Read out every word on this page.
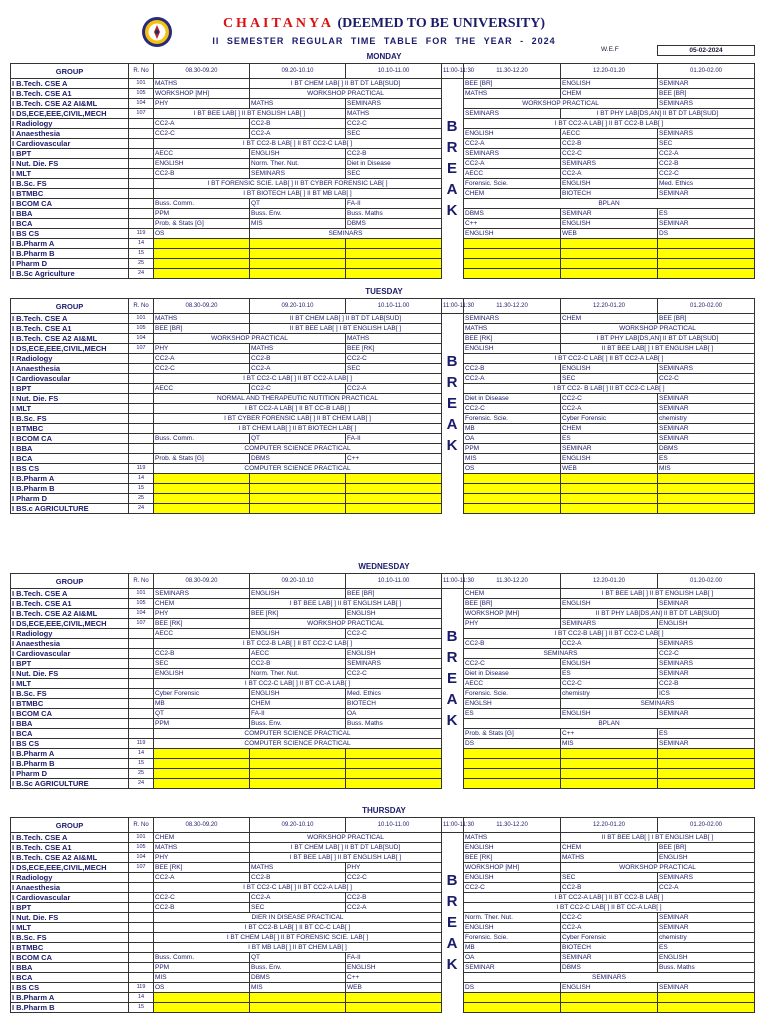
CHAITANYA (DEEMED TO BE UNIVERSITY)
II SEMESTER REGULAR TIME TABLE FOR THE YEAR - 2024
W.E.F	05-02-2024
MONDAY
GROUP	R. No	08.30-09.20	09.20-10.10	10.10-11.00	11:00-11:30	11.30-12.20	12.20-01.20	01.20-02.00
I B.Tech. CSE A	101	MATHS	I BT CHEM LAB[ ] II BT DT LAB[SUD]			BEE [BR]	ENGLISH	SEMINAR
I B.Tech. CSE A1	105	WORKSHOP [MH]	WORKSHOP PRACTICAL			MATHS	CHEM	BEE [BR]
I B.Tech. CSE A2 AI&ML	104	PHY	MATHS	SEMINARS		WORKSHOP PRACTICAL		SEMINARS
I DS,ECE,EEE,CIVIL,MECH	107	I BT BEE LAB[ ] II BT ENGLISH LAB[ ]		MATHS		SEMINARS	I BT PHY LAB[DS,AN] II BT DT LAB[SUD]	
I Radiology		CC2-A	CC2-B	CC2-C		I BT CC2-A LAB[ ] II BT CC2-B LAB[ ]		
I Anaesthesia		CC2-C	CC2-A	SEC		ENGLISH	AECC	SEMINARS
I Cardiovascular		I BT CC2-B LAB[ ] II BT CC2-C LAB[ ]				CC2-A	CC2-B	SEC
I BPT		AECC	ENGLISH	CC2-B		SEMINARS	CC2-C	CC2-A
I Nut. Die. FS		ENGLISH	Norm. Ther. Nut.	Diet in Disease		CC2-A	SEMINARS	CC2-B
I MLT		CC2-B	SEMINARS	SEC		AECC	CC2-A	CC2-C
I B.Sc. FS		I BT FORENSIC SCIE. LAB[ ] II BT CYBER FORENSIC LAB[ ]				Forensic. Scie.	ENGLISH	Med. Ethics
I BTMBC		I BT BIOTECH LAB[ ] II BT MB LAB[ ]				CHEM	BIOTECH	SEMINAR
I BCOM CA		Buss. Comm.	QT	FA-II		BPLAN		
I BBA		PPM	Buss. Env.	Buss. Maths		DBMS	SEMINAR	ES
I BCA		Prob. & Stats [G]	MIS	DBMS		C++	ENGLISH	SEMINAR
I BS CS	119	OS	SEMINARS			ENGLISH	WEB	DS
I B.Pharm A	14							
I B.Pharm B	15							
I Pharm D	25							
I B.Sc Agriculture	24							
B
R
E
A
K
TUESDAY
GROUP	R. No	08.30-09.20	09.20-10.10	10.10-11.00	11:00-11:30	11.30-12.20	12.20-01.20	01.20-02.00
I B.Tech. CSE A	101	MATHS	II BT CHEM LAB[ ] II BT DT LAB[SUD]			SEMINARS	CHEM	BEE [BR]
I B.Tech. CSE A1	105	BEE [BR]	II BT BEE LAB[ ] I BT ENGLISH LAB[ ]			MATHS	WORKSHOP PRACTICAL	
I B.Tech. CSE A2 AI&ML	104	WORKSHOP PRACTICAL		MATHS		BEE [RK]	I BT PHY LAB[DS,AN] II BT DT LAB[SUD]	
I DS,ECE,EEE,CIVIL,MECH	107	PHY	MATHS	BEE [RK]		ENGLISH	II BT BEE LAB[ ] I BT ENGLISH LAB[ ]	
I Radiology		CC2-A	CC2-B	CC2-C		I BT CC2-C LAB[ ] II BT CC2-A LAB[ ]		
I Anaesthesia		CC2-C	CC2-A	SEC		CC2-B	ENGLISH	SEMINARS
I Cardiovascular		I BT CC2-C LAB[ ] II BT CC2-A LAB[ ]				CC2-A	SEC	CC2-C
I BPT		AECC	CC2-C	CC2-A		I BT CC2- B LAB[ ] II BT CC2-C LAB[ ]		
I Nut. Die. FS		NORMAL AND THERAPEUTIC NUTITION PRACTICAL				Diet in Disease	CC2-C	SEMINAR
I MLT		I BT CC2-A LAB[ ] II BT CC-B LAB[ ]				CC2-C	CC2-A	SEMINAR
I B.Sc. FS		I BT CYBER FORENSIC LAB[ ] II BT CHEM LAB[ ]				Forensic. Scie.	Cyber Forensic	chemistry
I BTMBC		I BT CHEM LAB[ ] II BT BIOTECH LAB[ ]				MB	CHEM	SEMINAR
I BCOM CA		Buss. Comm.	QT	FA-II		OA	ES	SEMINAR
I BBA		COMPUTER SCIENCE PRACTICAL				PPM	SEMINAR	DBMS
I BCA		Prob. & Stats [G]	DBMS	C++		MIS	ENGLISH	ES
I BS CS	119	COMPUTER SCIENCE PRACTICAL				OS	WEB	MIS
I B.Pharm A	14							
I B.Pharm B	15							
I Pharm D	25							
I BS.c AGRICULTURE	24							
B
R
E
A
K
WEDNESDAY
GROUP	R. No	08.30-09.20	09.20-10.10	10.10-11.00	11:00-11:30	11.30-12.20	12.20-01.20	01.20-02.00
I B.Tech. CSE A	101	SEMINARS	ENGLISH	BEE [BR]		CHEM	I BT BEE LAB[ ] II BT ENGLISH LAB[ ]	
I B.Tech. CSE A1	105	CHEM	I BT BEE LAB[ ] II BT ENGLISH LAB[ ]			BEE [BR]	ENGLISH	SEMINAR
I B.Tech. CSE A2 AI&ML	104	PHY	BEE [RK]	ENGLISH		WORKSHOP [MH]	II BT PHY LAB[DS,AN] II BT DT LAB[SUD]	
I DS,ECE,EEE,CIVIL,MECH	107	BEE [RK]	WORKSHOP PRACTICAL			PHY	SEMINARS	ENGLISH
I Radiology		AECC	ENGLISH	CC2-C		I BT CC2-B LAB[ ] II BT CC2-C LAB[ ]		
I Anaesthesia		I BT CC2-B LAB[ ] II BT CC2-C LAB[ ]				CC2-B	CC2-A	SEMINARS
I Cardiovascular		CC2-B	AECC	ENGLISH		SEMINARS		CC2-C
I BPT		SEC	CC2-B	SEMINARS		CC2-C	ENGLISH	SEMINARS
I Nut. Die. FS		ENGLISH	Norm. Ther. Nut.	CC2-C		Diet in Disease	ES	SEMINAR
I MLT		I BT CC2-C LAB[ ] II BT CC-A LAB[ ]				AECC	CC2-C	CC2-B
I B.Sc. FS		Cyber Forensic	ENGLISH	Med. Ethics		Forensic. Scie.	chemistry	ICS
I BTMBC		MB	CHEM	BIOTECH		ENGLSH	SEMINARS	
I BCOM CA		QT	FA-II	OA		ES	ENGLISH	SEMINAR
I BBA		PPM	Buss. Env.	Buss. Maths		BPLAN		
I BCA		COMPUTER SCIENCE PRACTICAL				Prob. & Stats [G]	C++	ES
I BS CS	119	COMPUTER SCIENCE PRACTICAL				DS	MIS	SEMINAR
I B.Pharm A	14							
I B.Pharm B	15							
I Pharm D	25							
I B.Sc AGRICULTURE	24							
B
R
E
A
K
THURSDAY
GROUP	R. No	08.30-09.20	09.20-10.10	10.10-11.00	11:00-11:30	11.30-12.20	12.20-01.20	01.20-02.00
I B.Tech. CSE A	101	CHEM	WORKSHOP PRACTICAL			MATHS	II BT BEE LAB[ ] I BT ENGLISH LAB[ ]	
I B.Tech. CSE A1	105	MATHS	I BT CHEM LAB[ ] II BT DT LAB[SUD]			ENGLISH	CHEM	BEE [BR]
I B.Tech. CSE A2 AI&ML	104	PHY	I BT BEE LAB[ ] II BT ENGLISH LAB[ ]			BEE [RK]	MATHS	ENGLISH
I DS,ECE,EEE,CIVIL,MECH	107	BEE [RK]	MATHS	PHY		WORKSHOP [MH]	WORKSHOP PRACTICAL	
I Radiology		CC2-A	CC2-B	CC2-C		ENGLISH	SEC	SEMINARS
I Anaesthesia		I BT CC2-C LAB[ ] II BT CC2-A LAB[ ]				CC2-C	CC2-B	CC2-A
I Cardiovascular		CC2-C	CC2-A	CC2-B		I BT CC2-A LAB[ ] II BT CC2-B LAB[ ]		
I BPT		CC2-B	SEC	CC2-A		I BT CC2-C LAB[ ] II BT CC-A LAB[ ]		
I Nut. Die. FS		DIER IN DISEASE PRACTICAL				Norm. Ther. Nut.	CC2-C	SEMINAR
I MLT		I BT CC2-B LAB[ ] II BT CC-C LAB[ ]				ENGLISH	CC2-A	SEMINAR
I B.Sc. FS		I BT CHEM LAB[ ] II BT FORENSIC SCIE. LAB[ ]				Forensic. Scie.	Cyber Forensic	chemistry
I BTMBC		I BT MB LAB[ ] II BT CHEM LAB[ ]				MB	BIOTECH	ES
I BCOM CA		Buss. Comm.	QT	FA-II		OA	SEMINAR	ENGLISH
I BBA		PPM	Buss. Env.	ENGLISH		SEMINAR	DBMS	Buss. Maths
I BCA		MIS	DBMS	C++		SEMINARS		
I BS CS	119	OS	MIS	WEB		DS	ENGLISH	SEMINAR
I B.Pharm A	14							
I B.Pharm B	15							
B
R
E
A
K
